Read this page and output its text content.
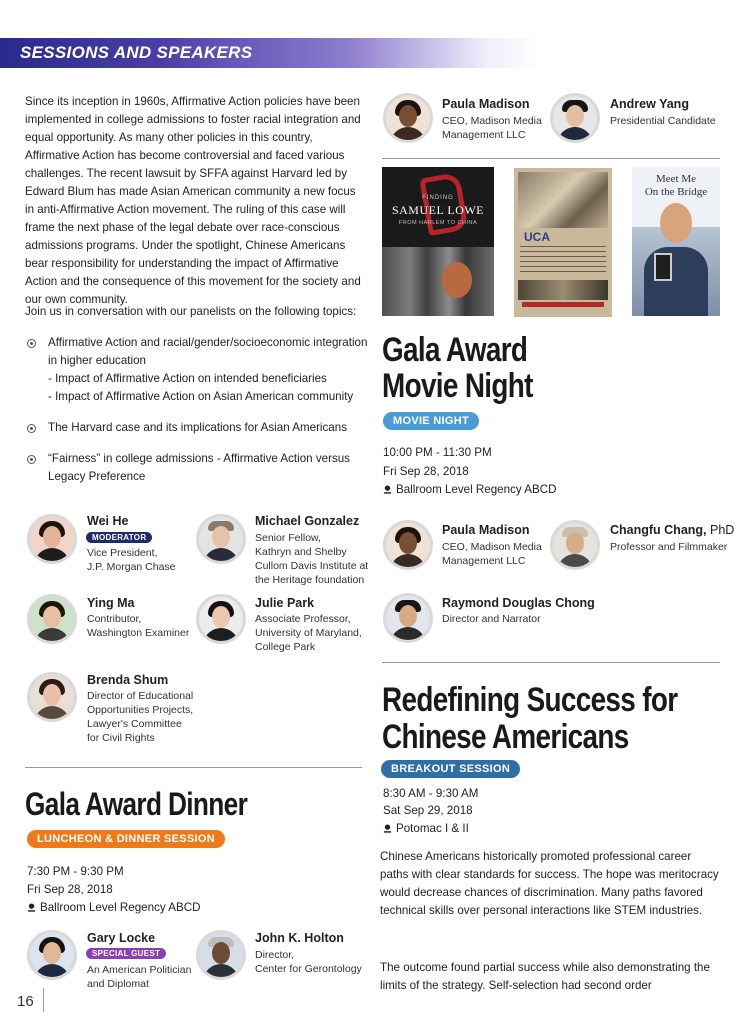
SESSIONS AND SPEAKERS
Since its inception in 1960s, Affirmative Action policies have been implemented in college admissions to foster racial integration and equal opportunity. As many other policies in this country, Affirmative Action has become controversial and faced various challenges. The recent lawsuit by SFFA against Harvard led by Edward Blum has made Asian American community a new focus in anti-Affirmative Action movement. The ruling of this case will frame the next phase of the legal debate over race-conscious admissions programs. Under the spotlight, Chinese Americans bear responsibility for understanding the impact of Affirmative Action and the consequence of this movement for the society and our own community.
Join us in conversation with our panelists on the following topics:
Affirmative Action and racial/gender/socioeconomic integration
in higher education
- Impact of Affirmative Action on intended beneficiaries
- Impact of Affirmative Action on Asian American community
The Harvard case and its implications for Asian Americans
“Fairness” in college admissions - Affirmative Action versus
Legacy Preference
Wei He
MODERATOR
Vice President,
J.P. Morgan Chase
Michael Gonzalez
Senior Fellow,
Kathryn and Shelby
Cullom Davis Institute at
the Heritage foundation
Ying Ma
Contributor,
Washington Examiner
Julie Park
Associate Professor,
University of Maryland,
College Park
Brenda Shum
Director of Educational
Opportunities Projects,
Lawyer's Committee
for Civil Rights
Gala Award Dinner
LUNCHEON & DINNER SESSION
7:30 PM - 9:30 PM
Fri Sep 28, 2018
Ballroom Level Regency ABCD
Gary Locke
SPECIAL GUEST
An American Politician
and Diplomat
John K. Holton
Director,
Center for Gerontology
16
Paula Madison
CEO, Madison Media
Management LLC
Andrew Yang
Presidential Candidate
FINDING
SAMUEL LOWE
FROM HARLEM TO CHINA
UCA
Meet Me
On the Bridge
Gala Award
Movie Night
MOVIE NIGHT
10:00 PM - 11:30 PM
Fri Sep 28, 2018
Ballroom Level Regency ABCD
Paula Madison
CEO, Madison Media
Management LLC
Changfu Chang, PhD
Professor and Filmmaker
Raymond Douglas Chong
Director and Narrator
Redefining Success for
Chinese Americans
BREAKOUT SESSION
8:30 AM - 9:30 AM
Sat Sep 29, 2018
Potomac I & II
Chinese Americans historically promoted professional career paths with clear standards for success. The hope was meritocracy would decrease chances of discrimination. Many paths favored technical skills over personal interactions like STEM industries.
The outcome found partial success while also demonstrating the limits of the strategy. Self-selection had second order
